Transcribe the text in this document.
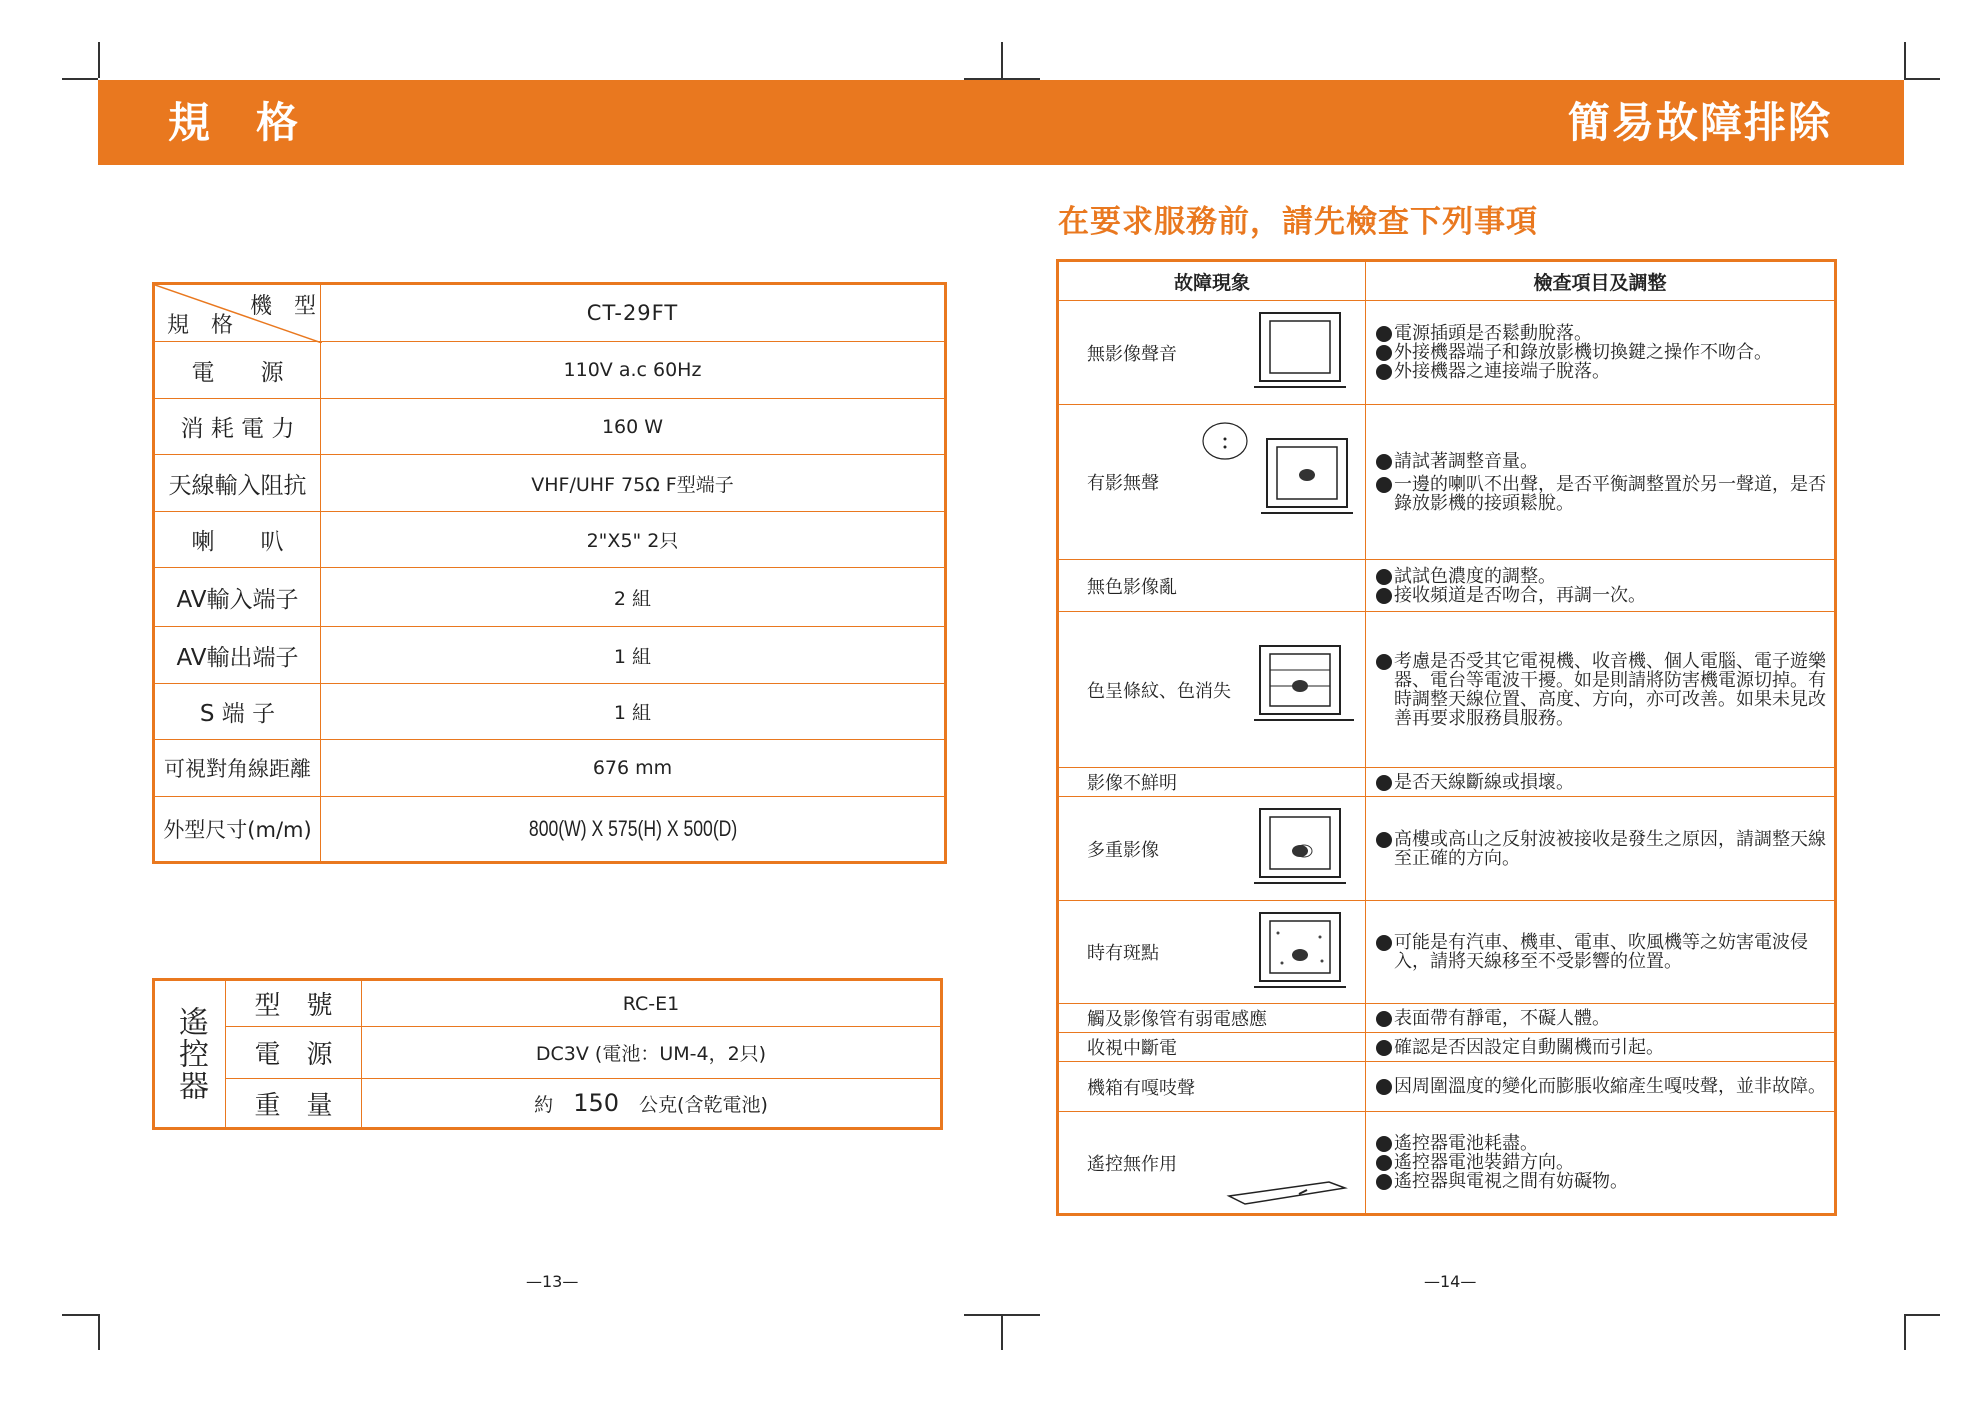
規　格	簡易故障排除
機　型
規　格	CT-29FT
電　　源	110V a.c 60Hz
消 耗 電 力	160 W
天線輸入阻抗	VHF/UHF 75Ω F型端子
喇　　叭	2"X5" 2只
AV輸入端子	2 組
AV輸出端子	1 組
S 端 子	1 組
可視對角線距離	676 mm
外型尺寸(m/m)	800(W) X 575(H) X 500(D)
遙控器	型　號	RC-E1
	電　源	DC3V (電池：UM-4，2只)
	重　量	約 150 公克(含乾電池)
—13—
在要求服務前，請先檢查下列事項
故障現象	檢查項目及調整

無影像聲音	電源插頭是否鬆動脫落。
外接機器端子和錄放影機切換鍵之操作不吻合。
外接機器之連接端子脫落。

有影無聲	請試著調整音量。
一邊的喇叭不出聲，是否平衡調整置於另一聲道，是否錄放影機的接頭鬆脫。

無色影像亂	試試色濃度的調整。
接收頻道是否吻合，再調一次。

色呈條紋、色消失	考慮是否受其它電視機、收音機、個人電腦、電子遊樂器、電台等電波干擾。如是則請將防害機電源切掉。有時調整天線位置、高度、方向，亦可改善。如果未見改善再要求服務員服務。

影像不鮮明	是否天線斷線或損壞。

多重影像	高樓或高山之反射波被接收是發生之原因，請調整天線至正確的方向。

時有斑點	可能是有汽車、機車、電車、吹風機等之妨害電波侵入，請將天線移至不受影響的位置。

觸及影像管有弱電感應	表面帶有靜電，不礙人體。

收視中斷電	確認是否因設定自動關機而引起。

機箱有嘎吱聲	因周圍溫度的變化而膨脹收縮產生嘎吱聲，並非故障。

遙控無作用	遙控器電池耗盡。
遙控器電池裝錯方向。
遙控器與電視之間有妨礙物。
—14—
